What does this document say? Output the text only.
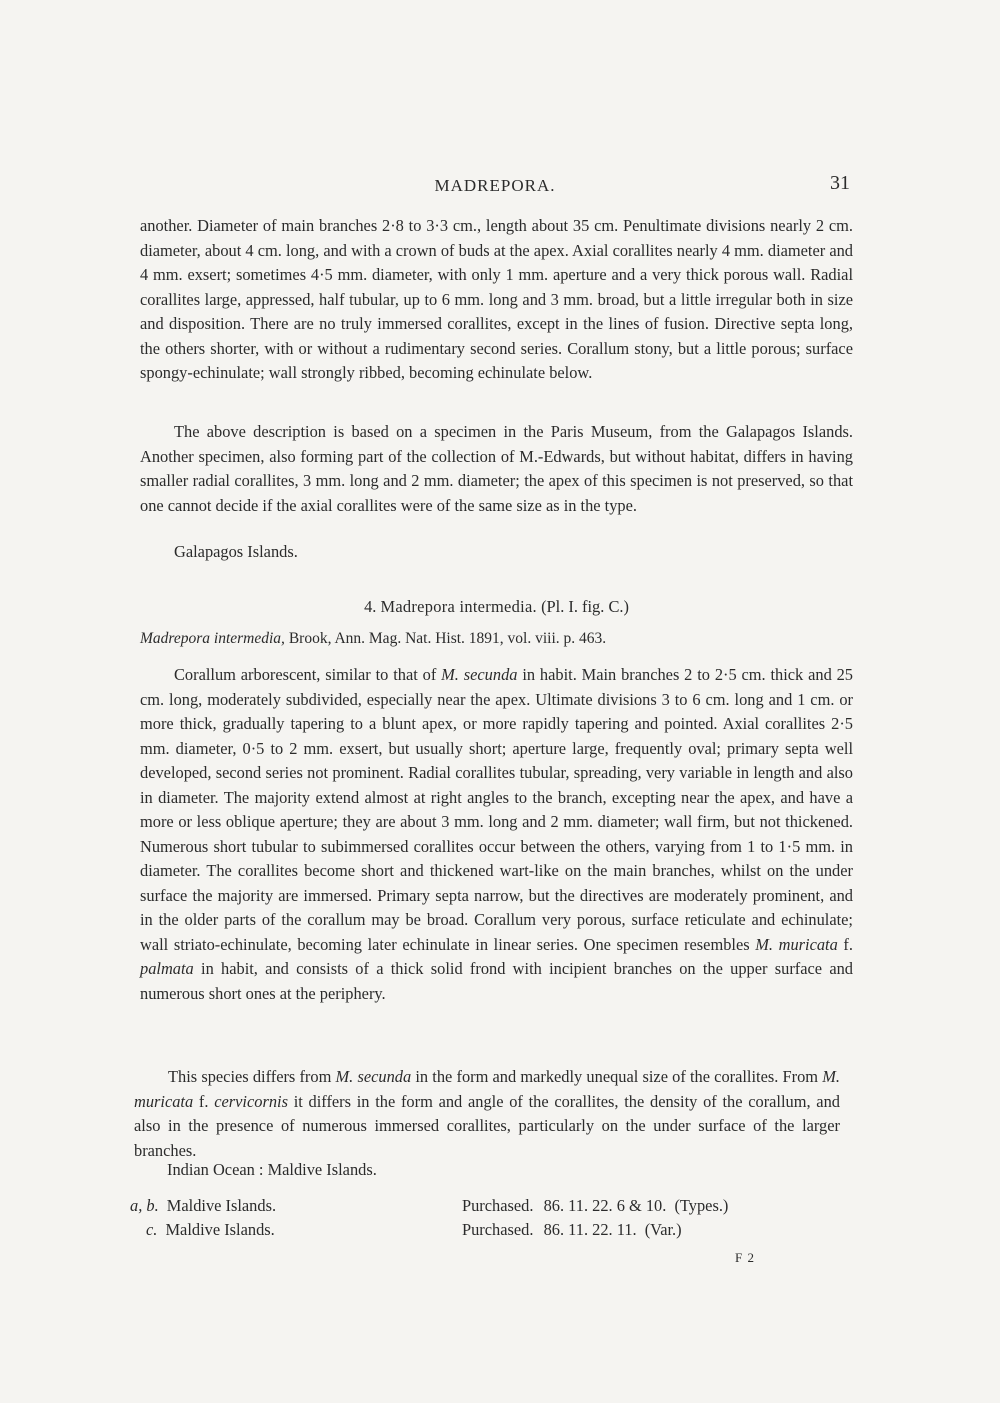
MADREPORA.	31

another. Diameter of main branches 2·8 to 3·3 cm., length about 35 cm. Penultimate divisions nearly 2 cm. diameter, about 4 cm. long, and with a crown of buds at the apex. Axial corallites nearly 4 mm. diameter and 4 mm. exsert; sometimes 4·5 mm. diameter, with only 1 mm. aperture and a very thick porous wall. Radial corallites large, appressed, half tubular, up to 6 mm. long and 3 mm. broad, but a little irregular both in size and disposition. There are no truly immersed corallites, except in the lines of fusion. Directive septa long, the others shorter, with or without a rudimentary second series. Corallum stony, but a little porous; surface spongy-echinulate; wall strongly ribbed, becoming echinulate below.

The above description is based on a specimen in the Paris Museum, from the Galapagos Islands. Another specimen, also forming part of the collection of M.-Edwards, but without habitat, differs in having smaller radial corallites, 3 mm. long and 2 mm. diameter; the apex of this specimen is not preserved, so that one cannot decide if the axial corallites were of the same size as in the type.

Galapagos Islands.

4. Madrepora intermedia. (Pl. I. fig. C.)
Madrepora intermedia, Brook, Ann. Mag. Nat. Hist. 1891, vol. viii. p. 463.

Corallum arborescent, similar to that of M. secunda in habit. Main branches 2 to 2·5 cm. thick and 25 cm. long, moderately subdivided, especially near the apex. Ultimate divisions 3 to 6 cm. long and 1 cm. or more thick, gradually tapering to a blunt apex, or more rapidly tapering and pointed. Axial corallites 2·5 mm. diameter, 0·5 to 2 mm. exsert, but usually short; aperture large, frequently oval; primary septa well developed, second series not prominent. Radial corallites tubular, spreading, very variable in length and also in diameter. The majority extend almost at right angles to the branch, excepting near the apex, and have a more or less oblique aperture; they are about 3 mm. long and 2 mm. diameter; wall firm, but not thickened. Numerous short tubular to subimmersed corallites occur between the others, varying from 1 to 1·5 mm. in diameter. The corallites become short and thickened wart-like on the main branches, whilst on the under surface the majority are immersed. Primary septa narrow, but the directives are moderately prominent, and in the older parts of the corallum may be broad. Corallum very porous, surface reticulate and echinulate; wall striato-echinulate, becoming later echinulate in linear series. One specimen resembles M. muricata f. palmata in habit, and consists of a thick solid frond with incipient branches on the upper surface and numerous short ones at the periphery.

This species differs from M. secunda in the form and markedly unequal size of the corallites. From M. muricata f. cervicornis it differs in the form and angle of the corallites, the density of the corallum, and also in the presence of numerous immersed corallites, particularly on the under surface of the larger branches.

Indian Ocean : Maldive Islands.
a, b. Maldive Islands.	Purchased. 86. 11. 22. 6 & 10. (Types.)
c. Maldive Islands.	Purchased. 86. 11. 22. 11. (Var.)
F 2
